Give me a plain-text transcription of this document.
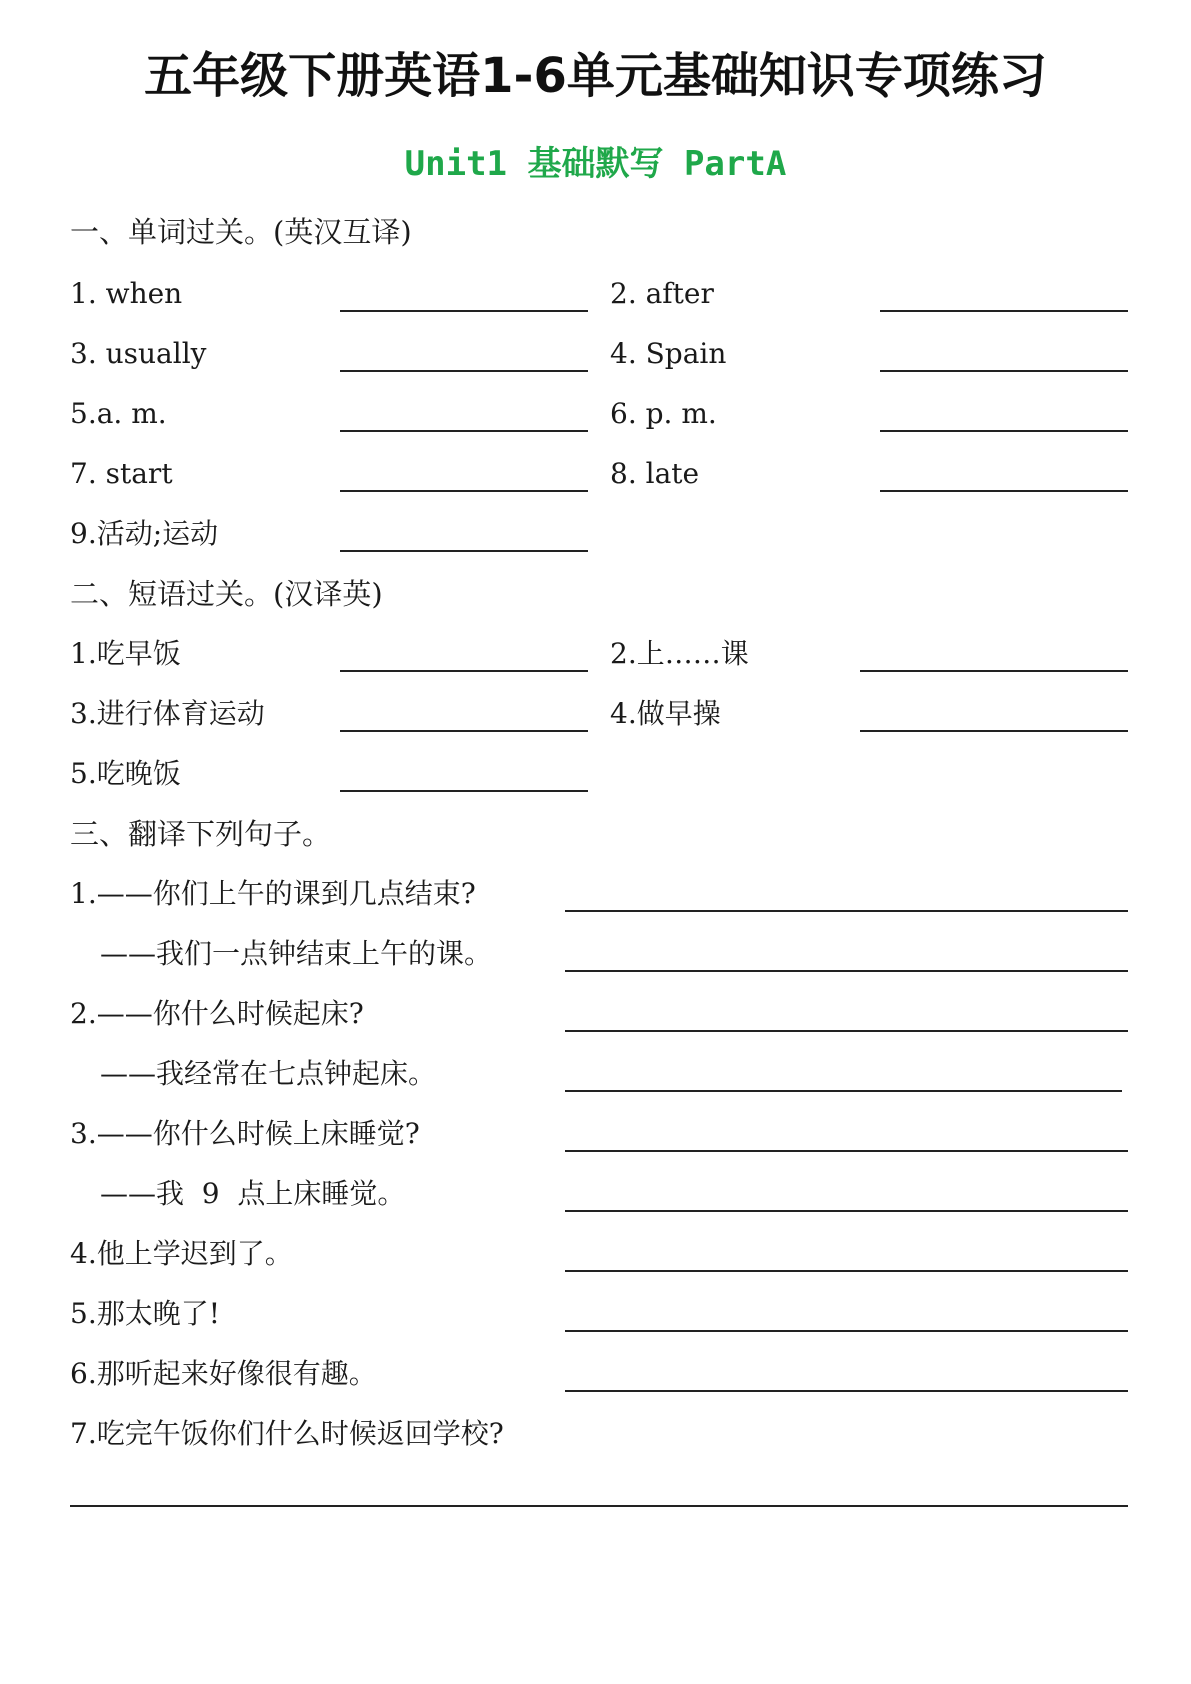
五年级下册英语1-6单元基础知识专项练习
Unit1 基础默写 PartA
一、单词过关。(英汉互译)
1. when	2. after
3. usually	4. Spain
5.a. m.	6. p. m.
7. start	8. late
9.活动;运动
二、短语过关。(汉译英)
1.吃早饭	2.上……课
3.进行体育运动	4.做早操
5.吃晚饭
三、翻译下列句子。
1.——你们上午的课到几点结束?
——我们一点钟结束上午的课。
2.——你什么时候起床?
——我经常在七点钟起床。
3.——你什么时候上床睡觉?
——我  9  点上床睡觉。
4.他上学迟到了。
5.那太晚了!
6.那听起来好像很有趣。
7.吃完午饭你们什么时候返回学校?
